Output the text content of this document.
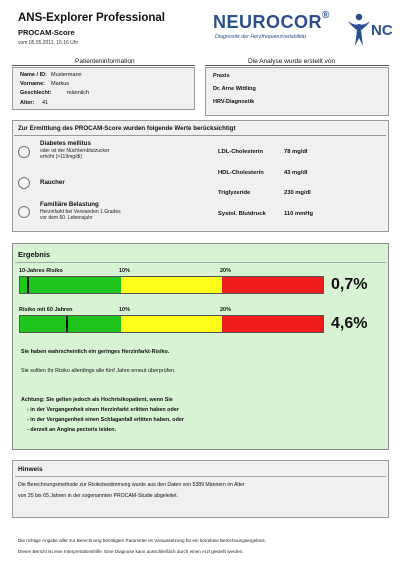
ANS-Explorer Professional
PROCAM-Score
vom 05.05.2011, 16:16 Uhr
NEUROCOR®
Diagnostik der Herzfrequenzvariabilität	NC
Patienteninformation	Die Analyse wurde erstellt von
Name / ID: Mustermann
Vorname: Markus
Geschlecht:	männlich
Alter: 41
Praxis
Dr. Arne Wittling
HRV-Diagnostik
Zur Ermittlung des PROCAM-Score wurden folgende Werte berücksichtigt
Diabetes mellitus
oder ist der Nüchternblutzucker
erhöht (>119mg/dl)
Raucher
Familiäre Belastung
Herzinfarkt bei Verwanden 1.Grades
vor dem 60. Lebensjahr
LDL-Cholesterin	78 mg/dl
HDL-Cholesterin	43 mg/dl
Triglyzeride	230 mg/dl
Systol. Blutdruck	110 mmHg
Ergebnis
10-Jahres Risiko	10%	20%
0,7%
Risiko mit 60 Jahren	10%	20%
4,6%
Sie haben wahrscheinlich ein geringes Herzinfarkt-Risiko.
Sie sollten Ihr Risiko allerdings alle fünf Jahre erneut überprüfen.
Achtung: Sie gelten jedoch als Hochrisikopatient, wenn Sie
- in der Vergangenheit einen Herzinfarkt erlitten haben oder
- in der Vergangenheit einen Schlaganfall erlitten haben, oder
- derzeit an Angina pectoris leiden.
Hinweis
Die Berechnungsmethode zur Risikobestimmung wurde aus den Daten von 5389 Männern im Alter
von 35 bis 65 Jahren in der sogenannten PROCAM-Studie abgeleitet.
Die richtige Angabe aller zur Berechnung benötigten Parameter ist Voraussetzung für ein korrektes Berechnungsergebnis.
Dieser Bericht ist eine Interpretationshilfe. Eine Diagnose kann ausschließlich durch einen Arzt gestellt werden.
